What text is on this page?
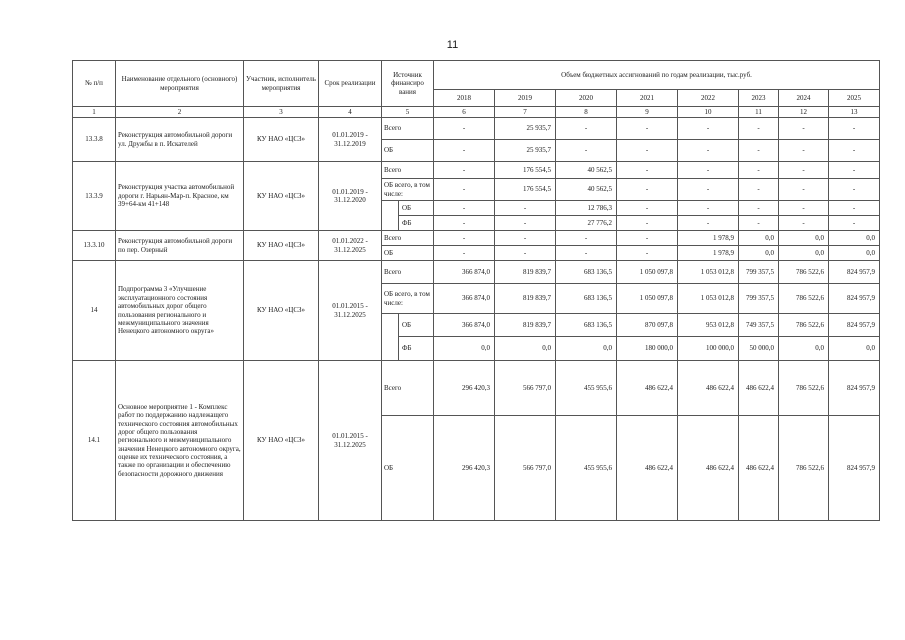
11
№ п/п	Наименование отдельного (основного) мероприятия	Участник, исполнитель мероприятия	Срок реализации	Источник финансиро вания		Объем бюджетных ассигнований по годам реализации, тыс.руб.							
						2018	2019	2020	2021	2022	2023	2024	2025
1	2	3	4	5		6	7	8	9	10	11	12	13
13.3.8	Реконструкция автомобильной дороги ул. Дружбы в п. Искателей	КУ НАО «ЦСЗ»	01.01.2019 - 31.12.2019	Всего		-	25 935,7	-	-	-	-	-	-
				ОБ		-	25 935,7	-	-	-	-	-	-
13.3.9	Реконструкция участка автомобильной дороги г. Нарьян-Мар-п. Красное, км 39+64-км 41+148	КУ НАО «ЦСЗ»	01.01.2019 - 31.12.2020	Всего		-	176 554,5	40 562,5	-	-	-	-	-
				ОБ всего, в том числе:		-	176 554,5	40 562,5	-	-	-	-	-
					ОБ	-	-	12 786,3	-	-	-	-	-
					ФБ	-	-	27 776,2	-	-	-	-	-
13.3.10	Реконструкция автомобильной дороги по пер. Озерный	КУ НАО «ЦСЗ»	01.01.2022 - 31.12.2025	Всего		-	-	-	-	1 978,9	0,0	0,0	0,0
				ОБ		-	-	-	-	1 978,9	0,0	0,0	0,0
14	Подпрограмма 3 «Улучшение эксплуатационного состояния автомобильных дорог общего пользования регионального и межмуниципального значения Ненецкого автономного округа»	КУ НАО «ЦСЗ»	01.01.2015 - 31.12.2025	Всего		366 874,0	819 839,7	683 136,5	1 050 097,8	1 053 012,8	799 357,5	786 522,6	824 957,9
				ОБ всего, в том числе:		366 874,0	819 839,7	683 136,5	1 050 097,8	1 053 012,8	799 357,5	786 522,6	824 957,9
					ОБ	366 874,0	819 839,7	683 136,5	870 097,8	953 012,8	749 357,5	786 522,6	824 957,9
					ФБ	0,0	0,0	0,0	180 000,0	100 000,0	50 000,0	0,0	0,0
14.1	Основное мероприятие 1 - Комплекс работ по поддержанию надлежащего технического состояния автомобильных дорог общего пользования регионального и межмуниципального значения Ненецкого автономного округа, оценке их технического состояния, а также по организации и обеспечению безопасности дорожного движения	КУ НАО «ЦСЗ»	01.01.2015 - 31.12.2025	Всего		296 420,3	566 797,0	455 955,6	486 622,4	486 622,4	486 622,4	786 522,6	824 957,9
				ОБ		296 420,3	566 797,0	455 955,6	486 622,4	486 622,4	486 622,4	786 522,6	824 957,9
